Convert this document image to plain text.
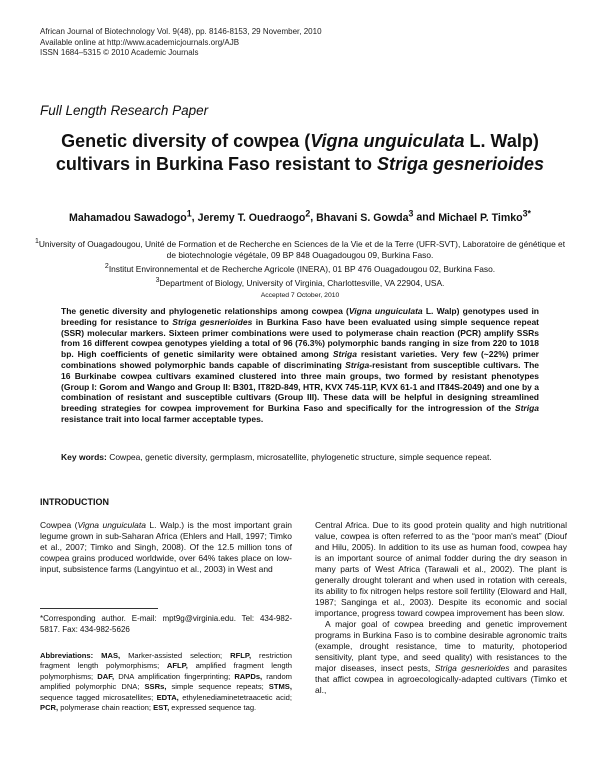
African Journal of Biotechnology Vol. 9(48), pp. 8146-8153, 29 November, 2010
Available online at http://www.academicjournals.org/AJB
ISSN 1684–5315 © 2010 Academic Journals
Full Length Research Paper
Genetic diversity of cowpea (Vigna unguiculata L. Walp) cultivars in Burkina Faso resistant to Striga gesnerioides
Mahamadou Sawadogo$^1$, Jeremy T. Ouedraogo$^2$, Bhavani S. Gowda$^3$ and Michael P. Timko$^{3*}$
$^1$University of Ouagadougou, Unité de Formation et de Recherche en Sciences de la Vie et de la Terre (UFR-SVT), Laboratoire de génétique et de biotechnologie végétale, 09 BP 848 Ouagadougou 09, Burkina Faso.
$^2$Institut Environnemental et de Recherche Agricole (INERA), 01 BP 476 Ouagadougou 02, Burkina Faso.
$^3$Department of Biology, University of Virginia, Charlottesville, VA 22904, USA.
Accepted 7 October, 2010
The genetic diversity and phylogenetic relationships among cowpea (Vigna unguiculata L. Walp) genotypes used in breeding for resistance to Striga gesnerioides in Burkina Faso have been evaluated using simple sequence repeat (SSR) molecular markers. Sixteen primer combinations were used to polymerase chain reaction (PCR) amplify SSRs from 16 different cowpea genotypes yielding a total of 96 (76.3%) polymorphic bands ranging in size from 220 to 1018 bp. High coefficients of genetic similarity were obtained among Striga resistant varieties. Very few (~22%) primer combinations showed polymorphic bands capable of discriminating Striga-resistant from susceptible cultivars. The 16 Burkinabe cowpea cultivars examined clustered into three main groups, two formed by resistant phenotypes (Group I: Gorom and Wango and Group II: B301, IT82D-849, HTR, KVX 745-11P, KVX 61-1 and IT84S-2049) and one by a combination of resistant and susceptible cultivars (Group III). These data will be helpful in designing streamlined breeding strategies for cowpea improvement for Burkina Faso and specifically for the introgression of the Striga resistance trait into local farmer acceptable types.
Key words: Cowpea, genetic diversity, germplasm, microsatellite, phylogenetic structure, simple sequence repeat.
INTRODUCTION
Cowpea (Vigna unguiculata L. Walp.) is the most important grain legume grown in sub-Saharan Africa (Ehlers and Hall, 1997; Timko et al., 2007; Timko and Singh, 2008). Of the 12.5 million tons of cowpea grains produced worldwide, over 64% takes place on low-input, subsistence farms (Langyintuo et al., 2003) in West and

Central Africa. Due to its good protein quality and high nutritional value, cowpea is often referred to as the “poor man's meat” (Diouf and Hilu, 2005). In addition to its use as human food, cowpea hay is an important source of animal fodder during the dry season in many parts of West Africa (Tarawali et al., 2002). The plant is generally drought tolerant and when used in rotation with cereals, its ability to fix nitrogen helps restore soil fertility (Eloward and Hall, 1987; Sanginga et al., 2003). Despite its economic and social importance, progress toward cowpea improvement has been slow.

A major goal of cowpea breeding and genetic improvement programs in Burkina Faso is to combine desirable agronomic traits (example, drought resistance, time to maturity, photoperiod sensitivity, plant type, and seed quality) with resistances to the major diseases, insect pests, Striga gesnerioides and parasites that affict cowpea in agroecologically-adapted cultivars (Timko et al.,

*Corresponding author. E-mail: mpt9g@virginia.edu. Tel: 434-982-5817. Fax: 434-982-5626
Abbreviations: MAS, Marker-assisted selection; RFLP, restriction fragment length polymorphisms; AFLP, amplified fragment length polymorphisms; DAF, DNA amplification fingerprinting; RAPDs, random amplified polymorphic DNA; SSRs, simple sequence repeats; STMS, sequence tagged microsatellites; EDTA, ethylenediaminetetraacetic acid; PCR, polymerase chain reaction; EST, expressed sequence tag.
